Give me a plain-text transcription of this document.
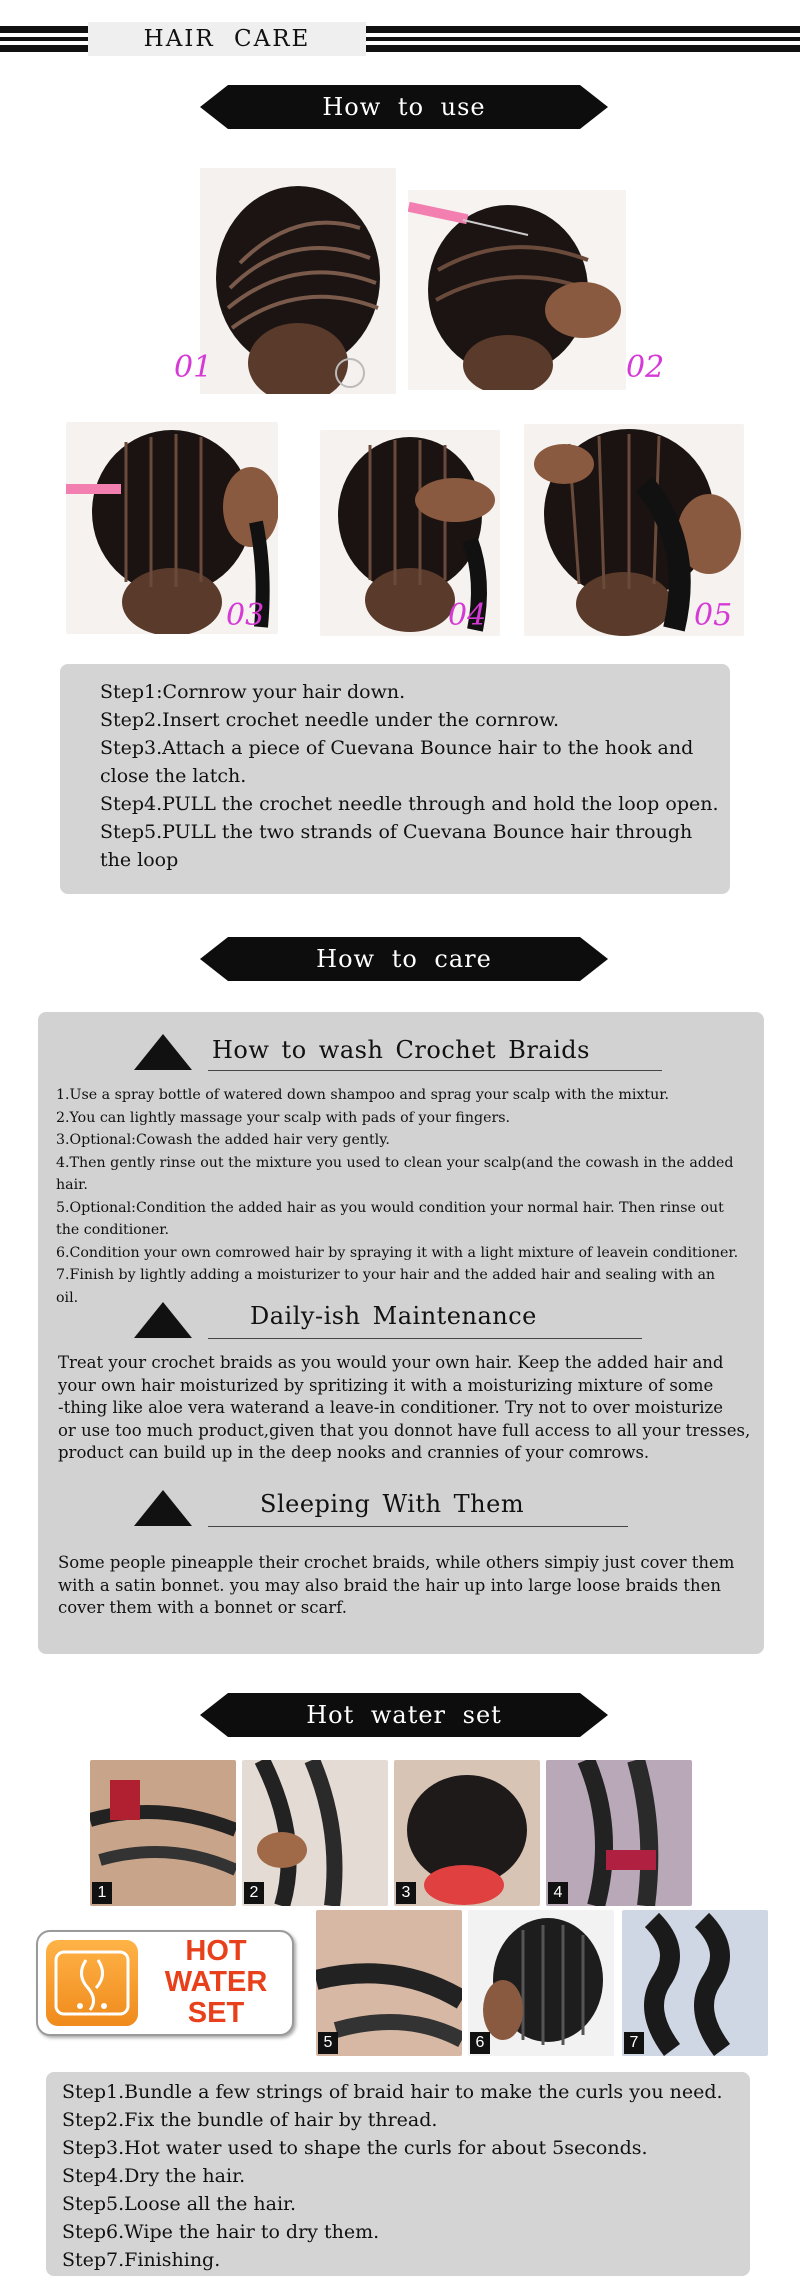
HAIR CARE
How to use
01	02
03	04	05
Step1:Cornrow your hair down.
Step2.Insert crochet needle under the cornrow.
Step3.Attach a piece of Cuevana Bounce hair to the hook and
close the latch.
Step4.PULL the crochet needle through and hold the loop open.
Step5.PULL the two strands of Cuevana Bounce hair through
the loop
How to care
How to wash Crochet Braids
1.Use a spray bottle of watered down shampoo and sprag your scalp with the mixtur.
2.You can lightly massage your scalp with pads of your fingers.
3.Optional:Cowash the added hair very gently.
4.Then gently rinse out the mixture you used to clean your scalp(and the cowash in the added
hair.
5.Optional:Condition the added hair as you would condition your normal hair. Then rinse out
the conditioner.
6.Condition your own comrowed hair by spraying it with a light mixture of leavein conditioner.
7.Finish by lightly adding a moisturizer to your hair and the added hair and sealing with an
oil.
Daily-ish Maintenance
Treat your crochet braids as you would your own hair. Keep the added hair and
your own hair moisturized by spritizing it with a moisturizing mixture of some
-thing like aloe vera waterand a leave-in conditioner. Try not to over moisturize
or use too much product,given that you donnot have full access to all your tresses,
product can build up in the deep nooks and crannies of your comrows.
Sleeping With Them
Some people pineapple their crochet braids, while others simpiy just cover them
with a satin bonnet. you may also braid the hair up into large loose braids then
cover them with a bonnet or scarf.
Hot water set
1	2	3	4
HOT
WATER
SET
5	6	7
Step1.Bundle a few strings of braid hair to make the curls you need.
Step2.Fix the bundle of hair by thread.
Step3.Hot water used to shape the curls for about 5seconds.
Step4.Dry the hair.
Step5.Loose all the hair.
Step6.Wipe the hair to dry them.
Step7.Finishing.
